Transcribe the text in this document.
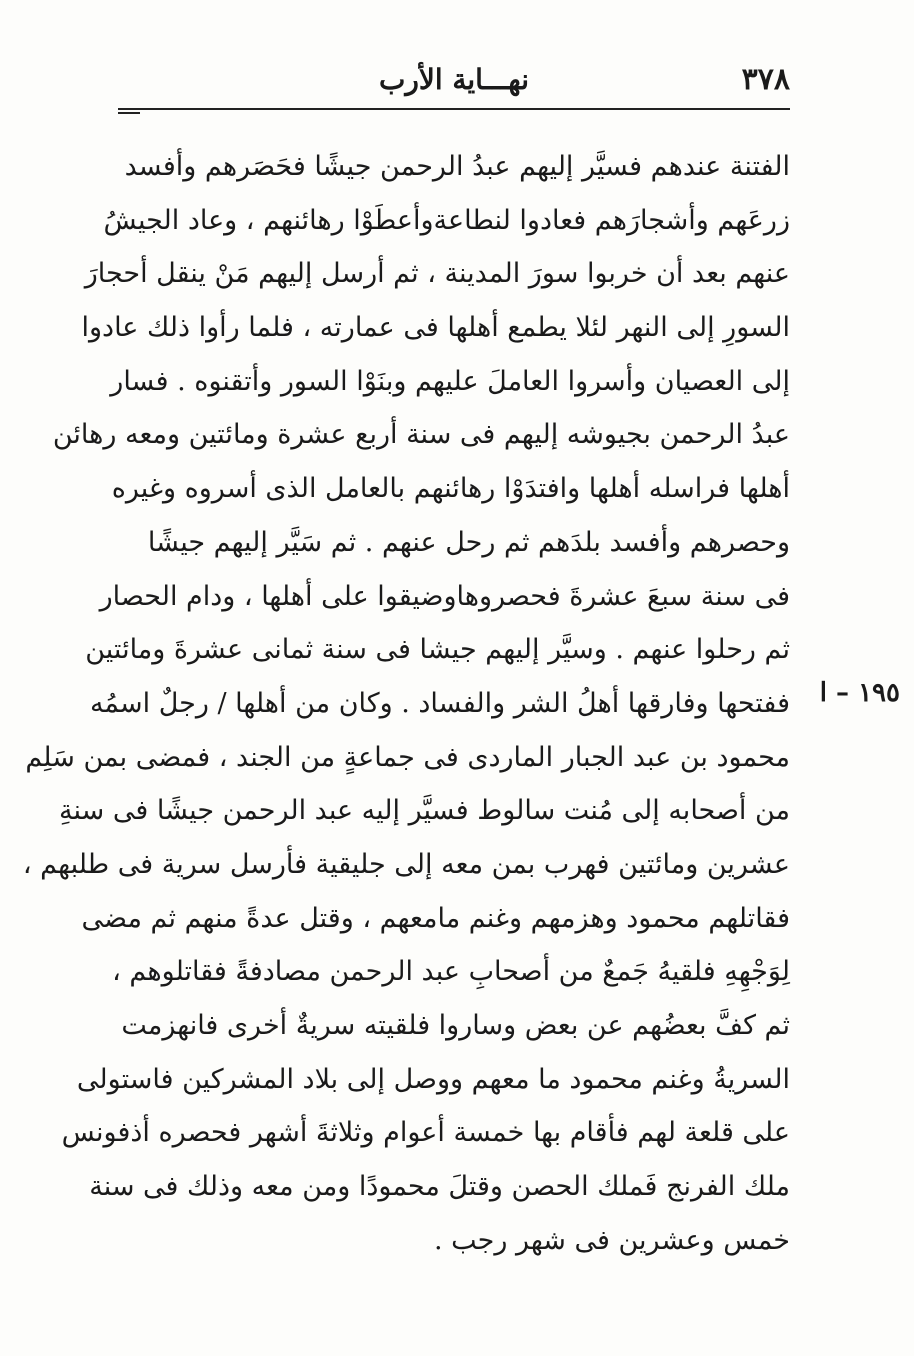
٣٧٨
نهـــاية الأرب
١٩٥ – ا
الفتنة عندهم فسيَّر إليهم عبدُ الرحمن جيشًا فحَصَرهم وأفسد
زرعَهم وأشجارَهم فعادوا لنطاعةوأعطَوْا رهائنهم ، وعاد الجيشُ
عنهم بعد أن خربوا سورَ المدينة ، ثم أرسل إليهم مَنْ ينقل أحجارَ
السورِ إلى النهر لئلا يطمع أهلها فى عمارته ، فلما رأوا ذلك عادوا
إلى العصيان وأسروا العاملَ عليهم وبنَوْا السور وأتقنوه . فسار
عبدُ الرحمن بجيوشه إليهم فى سنة أربع عشرة ومائتين ومعه رهائن
أهلها فراسله أهلها وافتدَوْا رهائنهم بالعامل الذى أسروه وغيره
وحصرهم وأفسد بلدَهم ثم رحل عنهم . ثم سَيَّر إليهم جيشًا
فى سنة سبعَ عشرةَ فحصروهاوضيقوا على أهلها ، ودام الحصار
ثم رحلوا عنهم . وسيَّر إليهم جيشا فى سنة ثمانى عشرةَ ومائتين
ففتحها وفارقها أهلُ الشر والفساد . وكان من أهلها / رجلٌ اسمُه
محمود بن عبد الجبار الماردى فى جماعةٍ من الجند ، فمضى بمن سَلِم
من أصحابه إلى مُنت سالوط فسيَّر إليه عبد الرحمن جيشًا فى سنةِ
عشرين ومائتين فهرب بمن معه إلى جليقية فأرسل سرية فى طلبهم ،
فقاتلهم محمود وهزمهم وغنم مامعهم ، وقتل عدةً منهم ثم مضى
لِوَجْهِهِ فلقيهُ جَمعٌ من أصحابِ عبد الرحمن مصادفةً فقاتلوهم ،
ثم كفَّ بعضُهم عن بعض وساروا فلقيته سريةٌ أخرى فانهزمت
السريةُ وغنم محمود ما معهم ووصل إلى بلاد المشركين فاستولى
على قلعة لهم فأقام بها خمسة أعوام وثلاثةَ أشهر فحصره أذفونس
ملك الفرنج فَملك الحصن وقتلَ محمودًا ومن معه وذلك فى سنة
خمس وعشرين فى شهر رجب .
